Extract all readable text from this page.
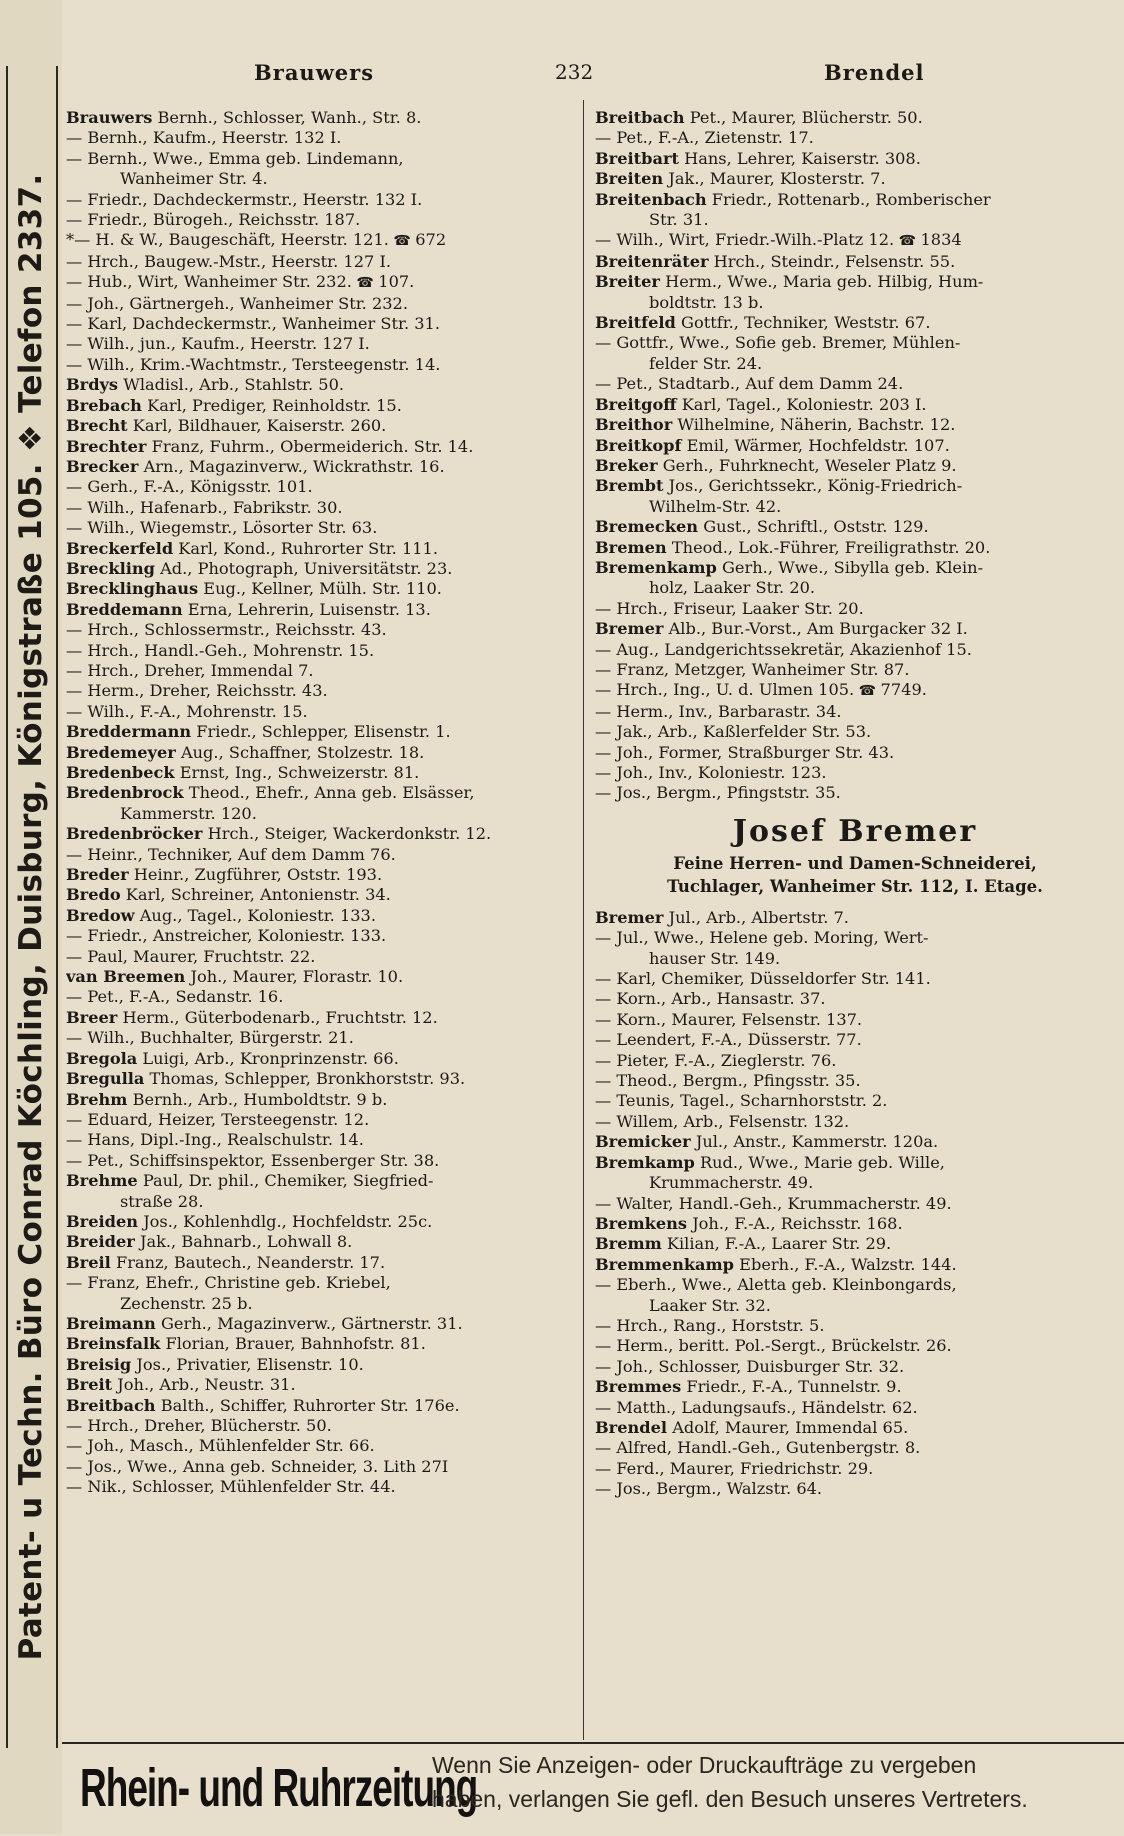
Patent- u Techn. Büro Conrad Köchling, Duisburg, Königstraße 105. ❖ Telefon 2337.
Brauwers	232	Brendel
Brauwers Bernh., Schlosser, Wanh., Str. 8.
— Bernh., Kaufm., Heerstr. 132 I.
— Bernh., Wwe., Emma geb. Lindemann,
Wanheimer Str. 4.
— Friedr., Dachdeckermstr., Heerstr. 132 I.
— Friedr., Bürogeh., Reichsstr. 187.
*— H. & W., Baugeschäft, Heerstr. 121. ☎ 672
— Hrch., Baugew.-Mstr., Heerstr. 127 I.
— Hub., Wirt, Wanheimer Str. 232. ☎ 107.
— Joh., Gärtnergeh., Wanheimer Str. 232.
— Karl, Dachdeckermstr., Wanheimer Str. 31.
— Wilh., jun., Kaufm., Heerstr. 127 I.
— Wilh., Krim.-Wachtmstr., Tersteegenstr. 14.
Brdys Wladisl., Arb., Stahlstr. 50.
Brebach Karl, Prediger, Reinholdstr. 15.
Brecht Karl, Bildhauer, Kaiserstr. 260.
Brechter Franz, Fuhrm., Obermeiderich. Str. 14.
Brecker Arn., Magazinverw., Wickrathstr. 16.
— Gerh., F.-A., Königsstr. 101.
— Wilh., Hafenarb., Fabrikstr. 30.
— Wilh., Wiegemstr., Lösorter Str. 63.
Breckerfeld Karl, Kond., Ruhrorter Str. 111.
Breckling Ad., Photograph, Universitätstr. 23.
Brecklinghaus Eug., Kellner, Mülh. Str. 110.
Breddemann Erna, Lehrerin, Luisenstr. 13.
— Hrch., Schlossermstr., Reichsstr. 43.
— Hrch., Handl.-Geh., Mohrenstr. 15.
— Hrch., Dreher, Immendal 7.
— Herm., Dreher, Reichsstr. 43.
— Wilh., F.-A., Mohrenstr. 15.
Breddermann Friedr., Schlepper, Elisenstr. 1.
Bredemeyer Aug., Schaffner, Stolzestr. 18.
Bredenbeck Ernst, Ing., Schweizerstr. 81.
Bredenbrock Theod., Ehefr., Anna geb. Elsässer,
Kammerstr. 120.
Bredenbröcker Hrch., Steiger, Wackerdonkstr. 12.
— Heinr., Techniker, Auf dem Damm 76.
Breder Heinr., Zugführer, Oststr. 193.
Bredo Karl, Schreiner, Antonienstr. 34.
Bredow Aug., Tagel., Koloniestr. 133.
— Friedr., Anstreicher, Koloniestr. 133.
— Paul, Maurer, Fruchtstr. 22.
van Breemen Joh., Maurer, Florastr. 10.
— Pet., F.-A., Sedanstr. 16.
Breer Herm., Güterbodenarb., Fruchtstr. 12.
— Wilh., Buchhalter, Bürgerstr. 21.
Bregola Luigi, Arb., Kronprinzenstr. 66.
Bregulla Thomas, Schlepper, Bronkhorststr. 93.
Brehm Bernh., Arb., Humboldtstr. 9 b.
— Eduard, Heizer, Tersteegenstr. 12.
— Hans, Dipl.-Ing., Realschulstr. 14.
— Pet., Schiffsinspektor, Essenberger Str. 38.
Brehme Paul, Dr. phil., Chemiker, Siegfried-
straße 28.
Breiden Jos., Kohlenhdlg., Hochfeldstr. 25c.
Breider Jak., Bahnarb., Lohwall 8.
Breil Franz, Bautech., Neanderstr. 17.
— Franz, Ehefr., Christine geb. Kriebel,
Zechenstr. 25 b.
Breimann Gerh., Magazinverw., Gärtnerstr. 31.
Breinsfalk Florian, Brauer, Bahnhofstr. 81.
Breisig Jos., Privatier, Elisenstr. 10.
Breit Joh., Arb., Neustr. 31.
Breitbach Balth., Schiffer, Ruhrorter Str. 176e.
— Hrch., Dreher, Blücherstr. 50.
— Joh., Masch., Mühlenfelder Str. 66.
— Jos., Wwe., Anna geb. Schneider, 3. Lith 27I
— Nik., Schlosser, Mühlenfelder Str. 44.
Breitbach Pet., Maurer, Blücherstr. 50.
— Pet., F.-A., Zietenstr. 17.
Breitbart Hans, Lehrer, Kaiserstr. 308.
Breiten Jak., Maurer, Klosterstr. 7.
Breitenbach Friedr., Rottenarb., Romberischer
Str. 31.
— Wilh., Wirt, Friedr.-Wilh.-Platz 12. ☎ 1834
Breitenräter Hrch., Steindr., Felsenstr. 55.
Breiter Herm., Wwe., Maria geb. Hilbig, Hum-
boldtstr. 13 b.
Breitfeld Gottfr., Techniker, Weststr. 67.
— Gottfr., Wwe., Sofie geb. Bremer, Mühlen-
felder Str. 24.
— Pet., Stadtarb., Auf dem Damm 24.
Breitgoff Karl, Tagel., Koloniestr. 203 I.
Breithor Wilhelmine, Näherin, Bachstr. 12.
Breitkopf Emil, Wärmer, Hochfeldstr. 107.
Breker Gerh., Fuhrknecht, Weseler Platz 9.
Brembt Jos., Gerichtssekr., König-Friedrich-
Wilhelm-Str. 42.
Bremecken Gust., Schriftl., Oststr. 129.
Bremen Theod., Lok.-Führer, Freiligrathstr. 20.
Bremenkamp Gerh., Wwe., Sibylla geb. Klein-
holz, Laaker Str. 20.
— Hrch., Friseur, Laaker Str. 20.
Bremer Alb., Bur.-Vorst., Am Burgacker 32 I.
— Aug., Landgerichtssekretär, Akazienhof 15.
— Franz, Metzger, Wanheimer Str. 87.
— Hrch., Ing., U. d. Ulmen 105. ☎ 7749.
— Herm., Inv., Barbarastr. 34.
— Jak., Arb., Kaßlerfelder Str. 53.
— Joh., Former, Straßburger Str. 43.
— Joh., Inv., Koloniestr. 123.
— Jos., Bergm., Pfingststr. 35.
Josef Bremer
Feine Herren- und Damen-Schneiderei,
Tuchlager, Wanheimer Str. 112, I. Etage.
Bremer Jul., Arb., Albertstr. 7.
— Jul., Wwe., Helene geb. Moring, Wert-
hauser Str. 149.
— Karl, Chemiker, Düsseldorfer Str. 141.
— Korn., Arb., Hansastr. 37.
— Korn., Maurer, Felsenstr. 137.
— Leendert, F.-A., Düsserstr. 77.
— Pieter, F.-A., Zieglerstr. 76.
— Theod., Bergm., Pfingsstr. 35.
— Teunis, Tagel., Scharnhorststr. 2.
— Willem, Arb., Felsenstr. 132.
Bremicker Jul., Anstr., Kammerstr. 120a.
Bremkamp Rud., Wwe., Marie geb. Wille,
Krummacherstr. 49.
— Walter, Handl.-Geh., Krummacherstr. 49.
Bremkens Joh., F.-A., Reichsstr. 168.
Bremm Kilian, F.-A., Laarer Str. 29.
Bremmenkamp Eberh., F.-A., Walzstr. 144.
— Eberh., Wwe., Aletta geb. Kleinbongards,
Laaker Str. 32.
— Hrch., Rang., Horststr. 5.
— Herm., beritt. Pol.-Sergt., Brückelstr. 26.
— Joh., Schlosser, Duisburger Str. 32.
Bremmes Friedr., F.-A., Tunnelstr. 9.
— Matth., Ladungsaufs., Händelstr. 62.
Brendel Adolf, Maurer, Immendal 65.
— Alfred, Handl.-Geh., Gutenbergstr. 8.
— Ferd., Maurer, Friedrichstr. 29.
— Jos., Bergm., Walzstr. 64.
Rhein- und Ruhrzeitung
Wenn Sie Anzeigen- oder Druckaufträge zu vergeben
haben, verlangen Sie gefl. den Besuch unseres Vertreters.
